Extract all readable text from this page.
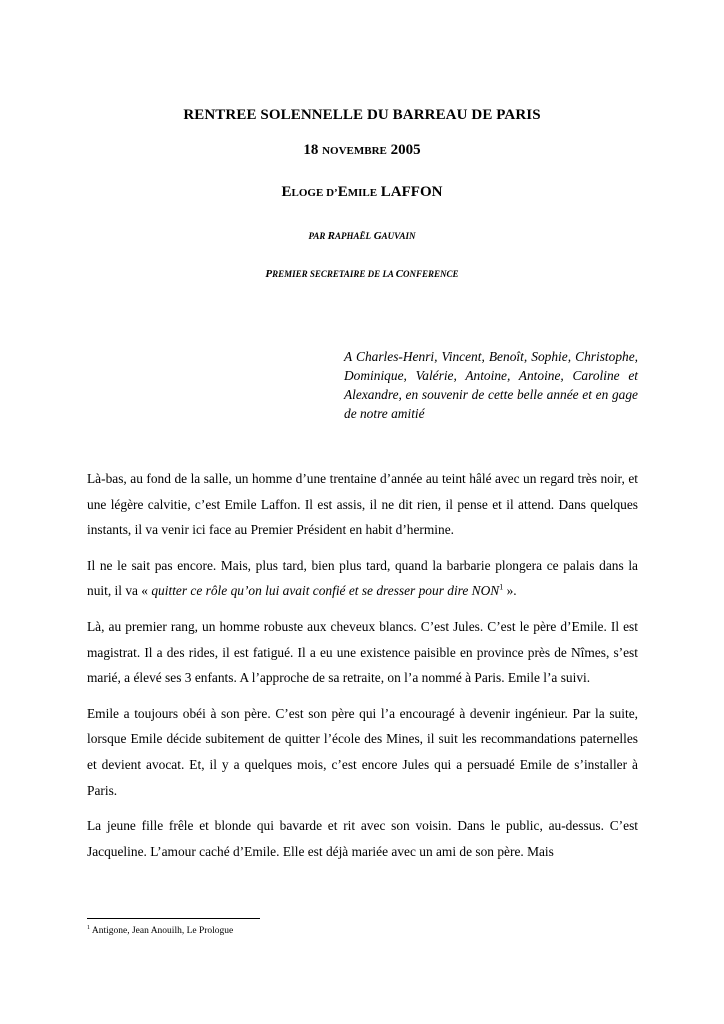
RENTREE SOLENNELLE DU BARREAU DE PARIS
18 NOVEMBRE 2005
ELOGE D’EMILE LAFFON
PAR RAPHAËL GAUVAIN
PREMIER SECRETAIRE DE LA CONFERENCE
A Charles-Henri, Vincent, Benoît, Sophie, Christophe, Dominique, Valérie, Antoine, Antoine, Caroline et Alexandre, en souvenir de cette belle année et en gage de notre amitié

Là-bas, au fond de la salle, un homme d’une trentaine d’année au teint hâlé avec un regard très noir, et une légère calvitie, c’est Emile Laffon. Il est assis, il ne dit rien, il pense et il attend. Dans quelques instants, il va venir ici face au Premier Président en habit d’hermine.

Il ne le sait pas encore. Mais, plus tard, bien plus tard, quand la barbarie plongera ce palais dans la nuit, il va « quitter ce rôle qu’on lui avait confié et se dresser pour dire NON$^1$ ».

Là, au premier rang, un homme robuste aux cheveux blancs. C’est Jules. C’est le père d’Emile. Il est magistrat. Il a des rides, il est fatigué. Il a eu une existence paisible en province près de Nîmes, s’est marié, a élevé ses 3 enfants. A l’approche de sa retraite, on l’a nommé à Paris. Emile l’a suivi.

Emile a toujours obéi à son père. C’est son père qui l’a encouragé à devenir ingénieur. Par la suite, lorsque Emile décide subitement de quitter l’école des Mines, il suit les recommandations paternelles et devient avocat. Et, il y a quelques mois, c’est encore Jules qui a persuadé Emile de s’installer à Paris.

La jeune fille frêle et blonde qui bavarde et rit avec son voisin. Dans le public, au-dessus. C’est Jacqueline. L’amour caché d’Emile. Elle est déjà mariée avec un ami de son père. Mais

$^1$ Antigone, Jean Anouilh, Le Prologue
